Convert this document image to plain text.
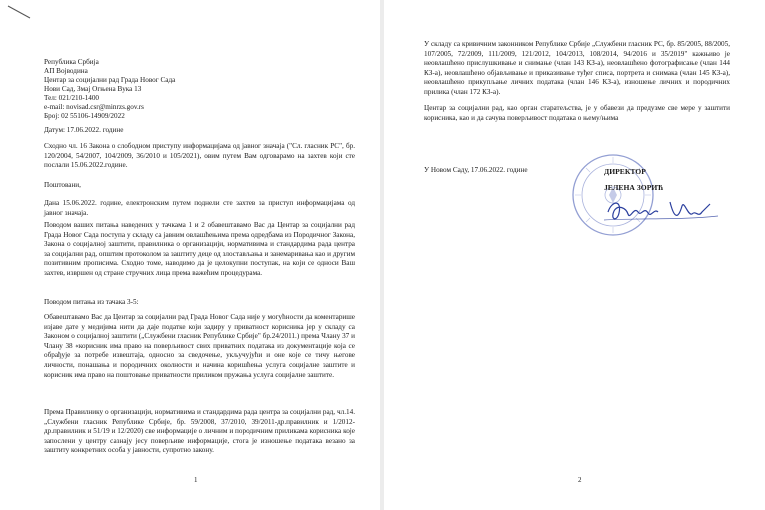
Република Србија
АП Војводина
Центар за социјални рад Града Новог Сада
Нови Сад, Змај Огњена Вука 13
Тел: 021/210-1400
e-mail: novisad.csr@minrzs.gov.rs
Број: 02 55106-14909/2022

Датум: 17.06.2022. године

Сходно чл. 16 Закона о слободном приступу информацијама од јавног значаја ("Сл. гласник РС", бр. 120/2004, 54/2007, 104/2009, 36/2010 и 105/2021), овим путем Вам одговарамо на захтев који сте послали 15.06.2022.године.

Поштовани,

Дана 15.06.2022. године, електронским путем поднели сте захтев за приступ информацијама од јавног значаја.

Поводом ваших питања наведених у тачкама 1 и 2 обавештавамо Вас да Центар за социјални рад Града Новог Сада поступа у складу са јавним овлашћењима према одредбама из Породичног Закона, Закона о социјалној заштити, правилника о организацији, нормативима и стандардима рада центра за социјални рад, општим протоколом за заштиту деце од злостављања и занемаривања као и другим позитивним прописима. Сходно томе, наводимо да је целокупни поступак, на који се односи Ваш захтев, извршен од стране стручних лица према важећим процедурама.

Поводом питања из тачака 3-5:

Обавештавамо Вас да Центар за социјални рад Града Новог Сада није у могућности да коментарише изјаве дате у медијима нити да даје податке који задиру у приватност корисника јер у складу са Законом о социјалној заштити („Службени гласник Републике Србије" бр.24/2011.) према Члану 37 и Члану 38 «корисник има право на поверљивост свих приватних података из документације која се обрађује за потребе извештаја, односно за сведочење, укључујући и оне које се тичу његове личности, понашања и породичних околности и начина коришћења услуга социјалне заштите и корисник има право на поштовање приватности приликом пружања услуга социјалне заштите.

Према Правилнику о организацији, нормативима и стандардима рада центра за социјални рад, чл.14. „Службени гласник Републике Србије, бр. 59/2008, 37/2010, 39/2011-др.правилник и 1/2012-др.правилник и 51/19 и 12/2020) све информације о личним и породичним приликама корисника које запослени у центру сазнају јесу поверљиве информације, стога је изношење података везано за заштиту конкретних особа у јавности, супротно закону.

1

У складу са кривичним законником Републике Србије „Службени гласник РС, бр. 85/2005, 88/2005, 107/2005, 72/2009, 111/2009, 121/2012, 104/2013, 108/2014, 94/2016 и 35/2019" кажњиво је неовлашћено прислушкивање и снимање (члан 143 КЗ-а), неовлашћено фотографисање (члан 144 КЗ-а), неовлашћено објављивање и приказивање туђег списа, портрета и снимака (члан 145 КЗ-а), неовлашћено прикупљање личних података (члан 146 КЗ-а), изношење личних и породичних прилика (члан 172 КЗ-а).

Центар за социјални рад, као орган старатељства, је у обавези да предузме све мере у заштити корисника, као и да сачува поверљивост података о њему/њима

У Новом Саду, 17.06.2022. године	ДИРЕКТОР
ЈЕЛЕНА ЗОРИЋ
2
